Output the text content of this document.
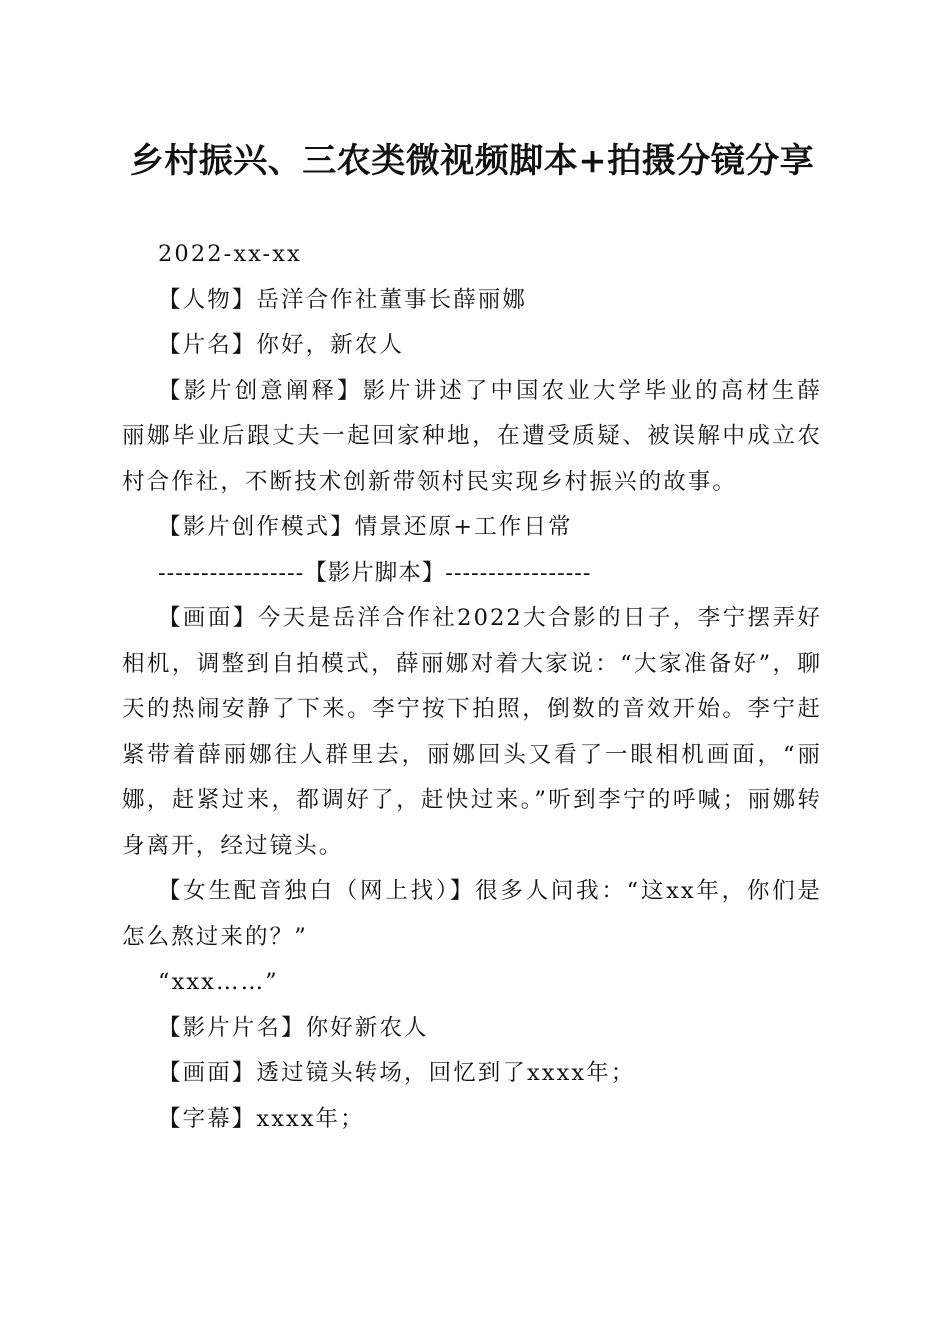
乡村振兴、三农类微视频脚本+拍摄分镜分享

2022-xx-xx

【人物】岳洋合作社董事长薛丽娜

【片名】你好，新农人

【影片创意阐释】影片讲述了中国农业大学毕业的高材生薛丽娜毕业后跟丈夫一起回家种地，在遭受质疑、被误解中成立农村合作社，不断技术创新带领村民实现乡村振兴的故事。

【影片创作模式】情景还原+工作日常

-----------------【影片脚本】-----------------

【画面】今天是岳洋合作社2022大合影的日子，李宁摆弄好相机，调整到自拍模式，薛丽娜对着大家说：“大家准备好”，聊天的热闹安静了下来。李宁按下拍照，倒数的音效开始。李宁赶紧带着薛丽娜往人群里去，丽娜回头又看了一眼相机画面，“丽娜，赶紧过来，都调好了，赶快过来。”听到李宁的呼喊；丽娜转身离开，经过镜头。

【女生配音独白（网上找）】很多人问我：“这xx年，你们是怎么熬过来的？”

“xxx……”

【影片片名】你好新农人

【画面】透过镜头转场，回忆到了xxxx年；

【字幕】xxxx年；
